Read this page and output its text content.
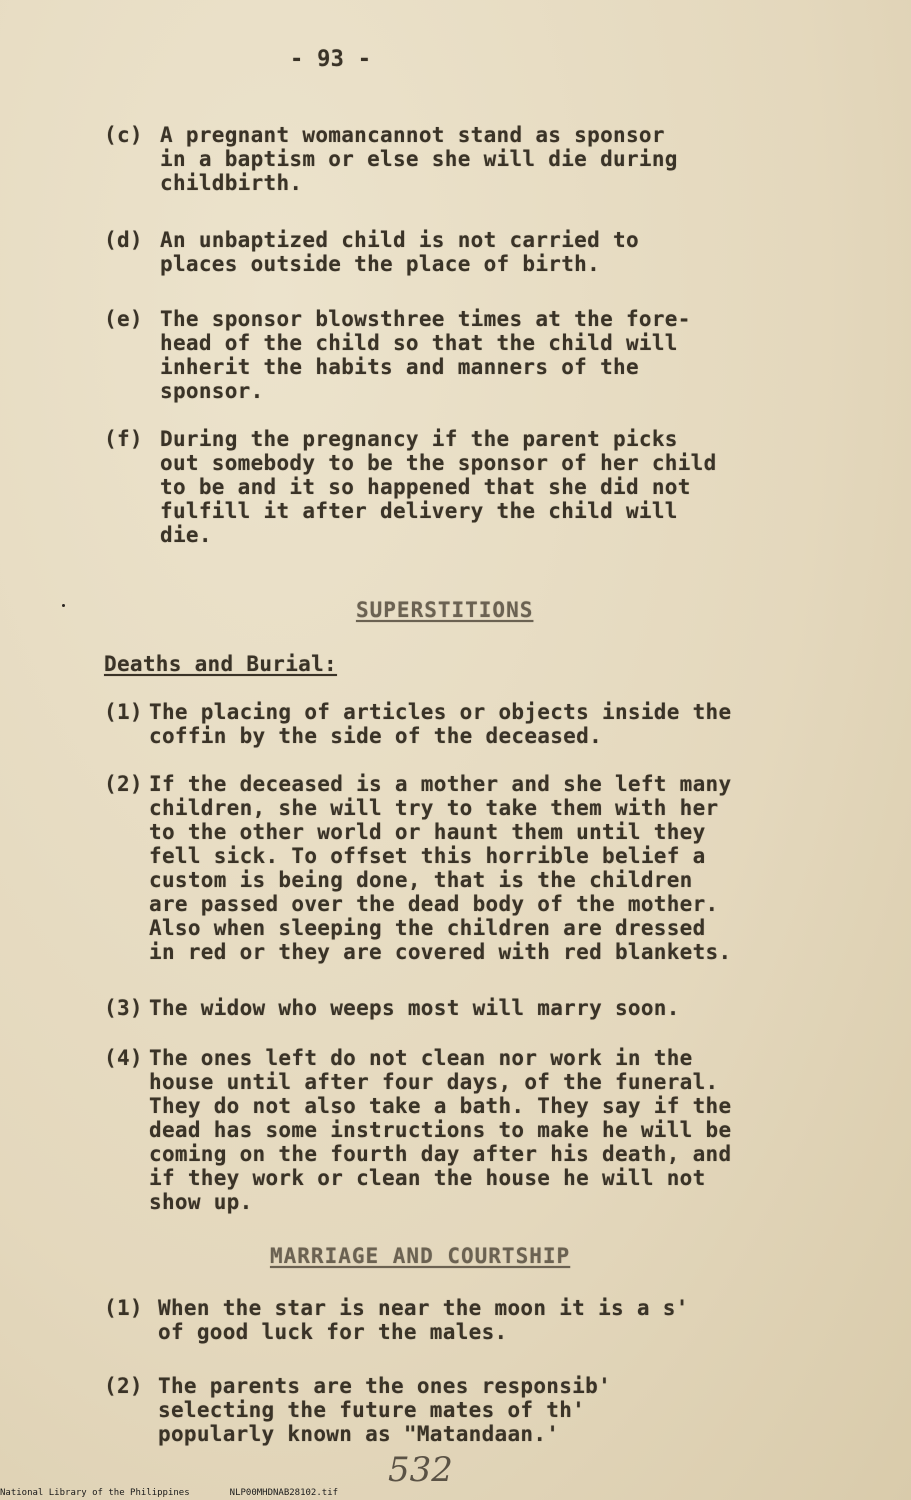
- 93 -
(c) A pregnant womancannot stand as sponsor
in a baptism or else she will die during
childbirth.
(d) An unbaptized child is not carried to
places outside the place of birth.
(e) The sponsor blowsthree times at the fore-
head of the child so that the child will
inherit the habits and manners of the
sponsor.
(f) During the pregnancy if the parent picks
out somebody to be the sponsor of her child
to be and it so happened that she did not
fulfill it after delivery the child will
die.
SUPERSTITIONS
Deaths and Burial:
(1) The placing of articles or objects inside the
coffin by the side of the deceased.
(2) If the deceased is a mother and she left many
children, she will try to take them with her
to the other world or haunt them until they
fell sick. To offset this horrible belief a
custom is being done, that is the children
are passed over the dead body of the mother.
Also when sleeping the children are dressed
in red or they are covered with red blankets.
(3) The widow who weeps most will marry soon.
(4) The ones left do not clean nor work in the
house until after four days, of the funeral.
They do not also take a bath. They say if the
dead has some instructions to make he will be
coming on the fourth day after his death, and
if they work or clean the house he will not
show up.
MARRIAGE AND COURTSHIP
(1) When the star is near the moon it is a s'
of good luck for the males.
(2) The parents are the ones responsib'
selecting the future mates of th'
popularly known as "Matandaan.'
532
National Library of the Philippines	NLP00MHDNAB28102.tif
